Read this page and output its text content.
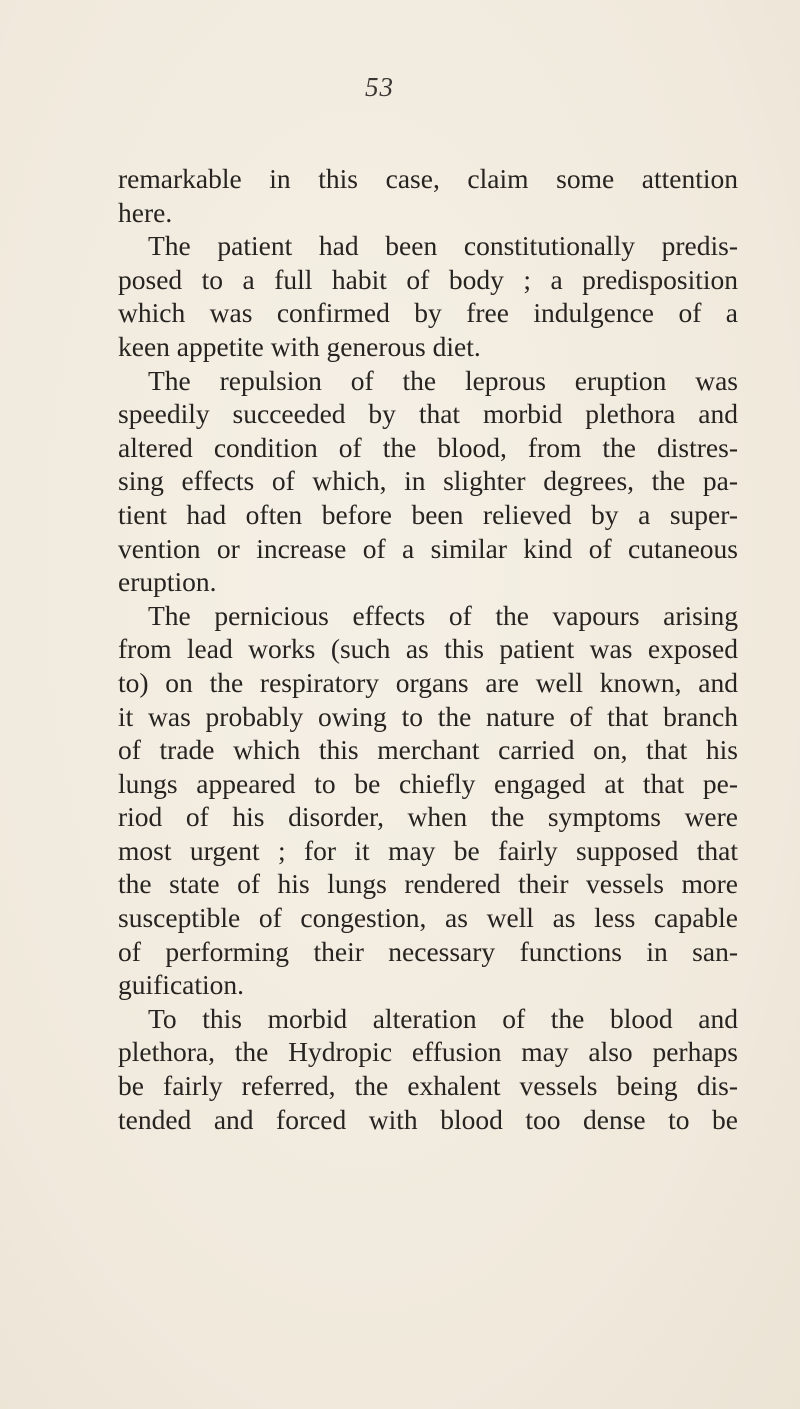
53
remarkable in this case, claim some attention
here.
The patient had been constitutionally predis-
posed to a full habit of body ; a predisposition
which was confirmed by free indulgence of a
keen appetite with generous diet.
The repulsion of the leprous eruption was
speedily succeeded by that morbid plethora and
altered condition of the blood, from the distres-
sing effects of which, in slighter degrees, the pa-
tient had often before been relieved by a super-
vention or increase of a similar kind of cutaneous
eruption.
The pernicious effects of the vapours arising
from lead works (such as this patient was exposed
to) on the respiratory organs are well known, and
it was probably owing to the nature of that branch
of trade which this merchant carried on, that his
lungs appeared to be chiefly engaged at that pe-
riod of his disorder, when the symptoms were
most urgent ; for it may be fairly supposed that
the state of his lungs rendered their vessels more
susceptible of congestion, as well as less capable
of performing their necessary functions in san-
guification.
To this morbid alteration of the blood and
plethora, the Hydropic effusion may also perhaps
be fairly referred, the exhalent vessels being dis-
tended and forced with blood too dense to be
